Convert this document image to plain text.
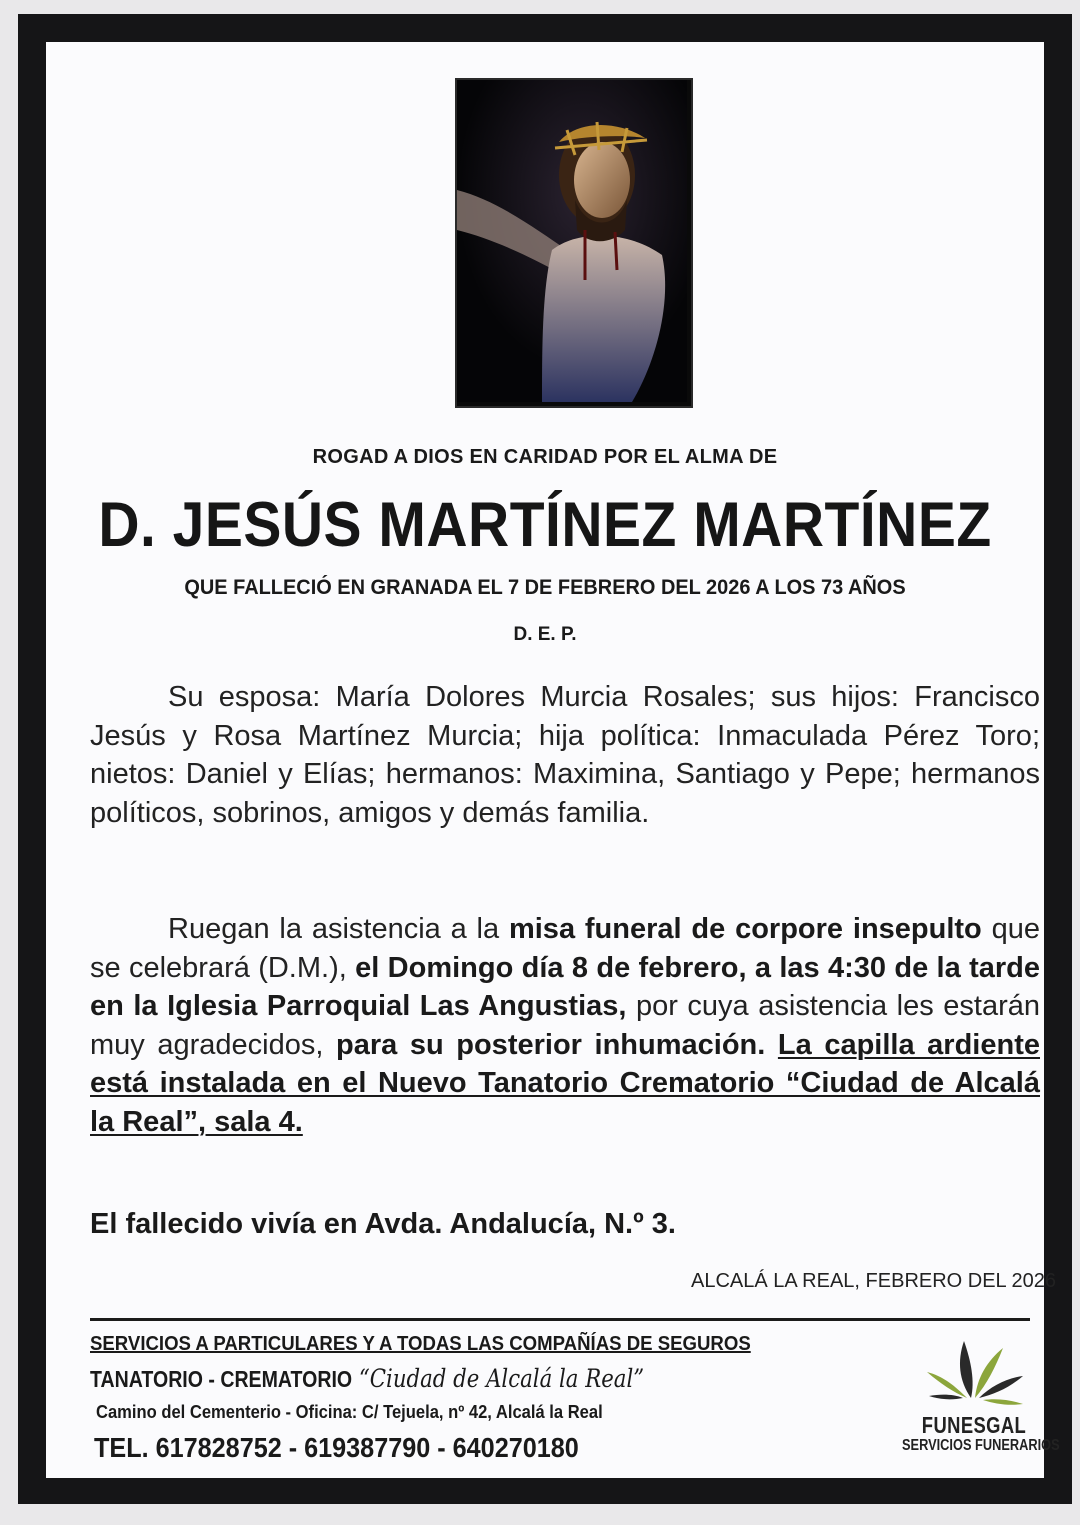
ROGAD A DIOS EN CARIDAD POR EL ALMA DE
D. JESÚS MARTÍNEZ MARTÍNEZ
QUE FALLECIÓ EN GRANADA EL 7 DE FEBRERO DEL 2026 A LOS 73 AÑOS
D. E. P.
Su esposa: María Dolores Murcia Rosales; sus hijos: Francisco Jesús y Rosa Martínez Murcia; hija política: Inmaculada Pérez Toro; nietos: Daniel y Elías; hermanos: Maximina, Santiago y Pepe; hermanos políticos, sobrinos, amigos y demás familia.
Ruegan la asistencia a la misa funeral de corpore insepulto que se celebrará (D.M.), el Domingo día 8 de febrero, a las 4:30 de la tarde en la Iglesia Parroquial Las Angustias, por cuya asistencia les estarán muy agradecidos, para su posterior inhumación. La capilla ardiente está instalada en el Nuevo Tanatorio Crematorio “Ciudad de Alcalá la Real”, sala 4.
El fallecido vivía en Avda. Andalucía, N.º 3.
ALCALÁ LA REAL, FEBRERO DEL 2026
SERVICIOS A PARTICULARES Y A TODAS LAS COMPAÑÍAS DE SEGUROS
TANATORIO - CREMATORIO “Ciudad de Alcalá la Real”
Camino del Cementerio - Oficina: C/ Tejuela, nº 42, Alcalá la Real
TEL. 617828752 - 619387790 - 640270180
FUNESGAL
SERVICIOS FUNERARIOS
